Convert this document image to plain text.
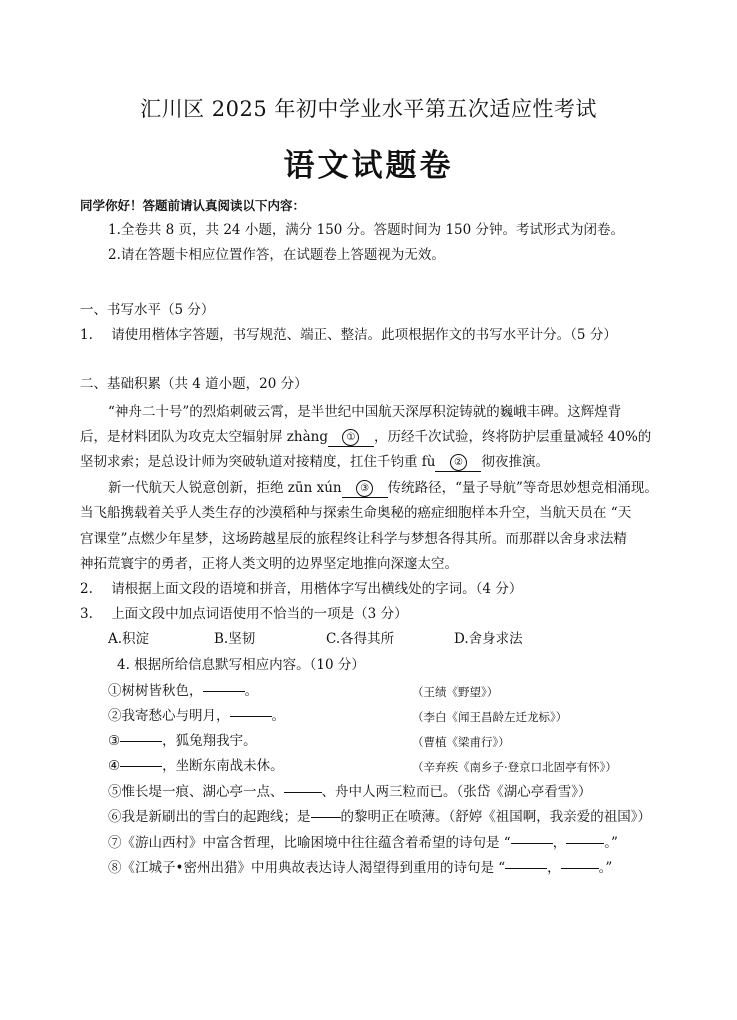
汇川区 2025 年初中学业水平第五次适应性考试
语文试题卷
同学你好！答题前请认真阅读以下内容：
1.全卷共 8 页，共 24 小题，满分 150 分。答题时间为 150 分钟。考试形式为闭卷。
2.请在答题卡相应位置作答，在试题卷上答题视为无效。
一、书写水平（5 分）
1. 请使用楷体字答题，书写规范、端正、整洁。此项根据作文的书写水平计分。（5 分）
二、基础积累（共 4 道小题，20 分）
“神舟二十号”的烈焰刺破云霄，是半世纪中国航天深厚积淀铸就的巍峨丰碑。这辉煌背
后，是材料团队为攻克太空辐射屏 zhàng ① ，历经千次试验，终将防护层重量减轻 40%的
坚韧求索；是总设计师为突破轨道对接精度，扛住千钧重 fù ② 彻夜推演。
新一代航天人锐意创新，拒绝 zūn xún ③ 传统路径，“量子导航”等奇思妙想竞相涌现。
当飞船携载着关乎人类生存的沙漠稻种与探索生命奥秘的癌症细胞样本升空，当航天员在 “天
宫课堂”点燃少年星梦，这场跨越星辰的旅程终让科学与梦想各得其所。而那群以舍身求法精
神拓荒寰宇的勇者，正将人类文明的边界坚定地推向深邃太空。
2. 请根据上面文段的语境和拼音，用楷体字写出横线处的字词。（4 分）
3. 上面文段中加点词语使用不恰当的一项是（3 分）
A.积淀	B.坚韧	C.各得其所	D.舍身求法
4. 根据所给信息默写相应内容。（10 分）
①树树皆秋色，	。	（王绩《野望》）
②我寄愁心与明月，	。	（李白《闻王昌龄左迁龙标》）
③	，狐兔翔我宇。	（曹植《梁甫行》）
④	，坐断东南战未休。	（辛弃疾《南乡子·登京口北固亭有怀》）
⑤惟长堤一痕、湖心亭一点、	、舟中人两三粒而已。（张岱《湖心亭看雪》）
⑥我是新刷出的雪白的起跑线；是 的黎明正在喷薄。（舒婷《祖国啊，我亲爱的祖国》）
⑦《游山西村》中富含哲理，比喻困境中往往蕴含着希望的诗句是 “	，	。”
⑧《江城子•密州出猎》中用典故表达诗人渴望得到重用的诗句是 “	，	。”
